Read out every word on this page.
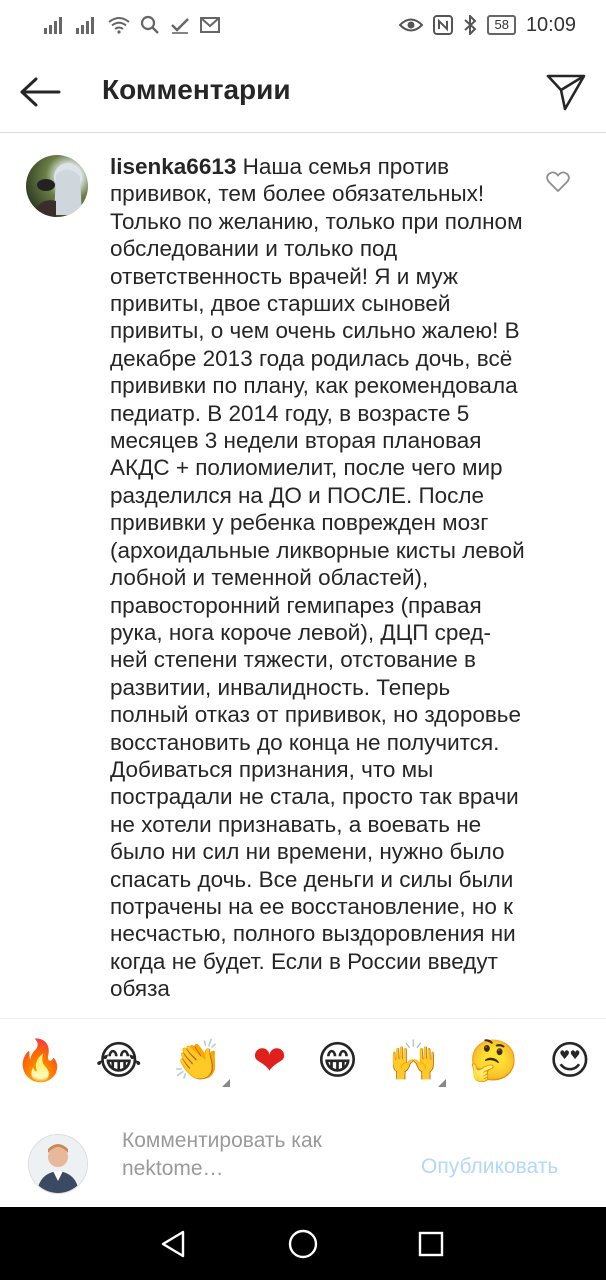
58 10:09
Комментарии
lisenka6613 Наша семья против прививок, тем более обязательных! Только по желанию, только при полном обследовании и только под ответственность врачей! Я и муж привиты, двое старших сыновей привиты, о чем очень сильно жалею! В декабре 2013 года родилась дочь, всё прививки по плану, как рекомендовала педиатр. В 2014 году, в возрасте 5 месяцев 3 недели вторая плановая АКДС + полиомиелит, после чего мир разделился на ДО и ПОСЛЕ. После прививки у ребенка поврежден мозг (архоидальные ликворные кисты левой лобной и теменной областей), правосторонний гемипарез (правая рука, нога короче левой), ДЦП сред-ней степени тяжести, отстование в развитии, инвалидность. Теперь полный отказ от прививок, но здоровье восстановить до конца не получится. Добиваться признания, что мы пострадали не стала, просто так врачи не хотели признавать, а воевать не было ни сил ни времени, нужно было спасать дочь. Все деньги и силы были потрачены на ее восстановление, но к несчастью, полного выздоровления ни когда не будет. Если в России введут обяза
🔥 😂 👏 ❤ 😁 🙌 🤔 😍
Комментировать как nektome…	Опубликовать
